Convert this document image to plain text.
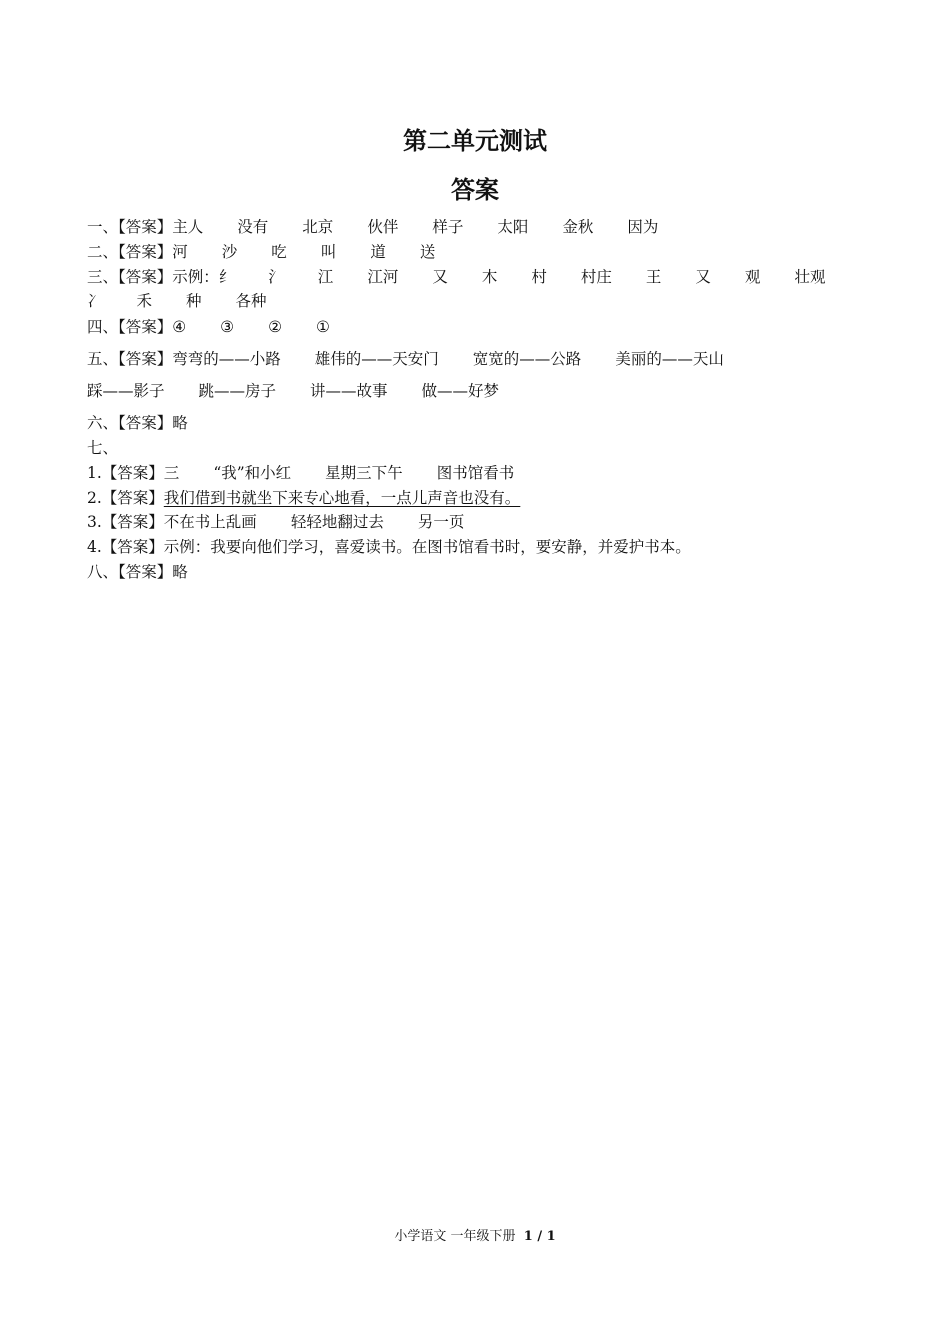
第二单元测试
答案
一、【答案】主人 没有 北京 伙伴 样子 太阳 金秋 因为
二、【答案】河 沙 吃 叫 道 送
三、【答案】示例：纟 氵 江 江河 又 木 村 村庄 王 又 观 壮观
冫 禾 种 各种
四、【答案】④ ③ ② ①
五、【答案】弯弯的——小路 雄伟的——天安门 宽宽的——公路 美丽的——天山
踩——影子 跳——房子 讲——故事 做——好梦
六、【答案】略
七、
1.【答案】三 “我”和小红 星期三下午 图书馆看书
2.【答案】我们借到书就坐下来专心地看，一点儿声音也没有。
3.【答案】不在书上乱画 轻轻地翻过去 另一页
4.【答案】示例：我要向他们学习，喜爱读书。在图书馆看书时，要安静，并爱护书本。
八、【答案】略
小学语文 一年级下册 1 / 1
